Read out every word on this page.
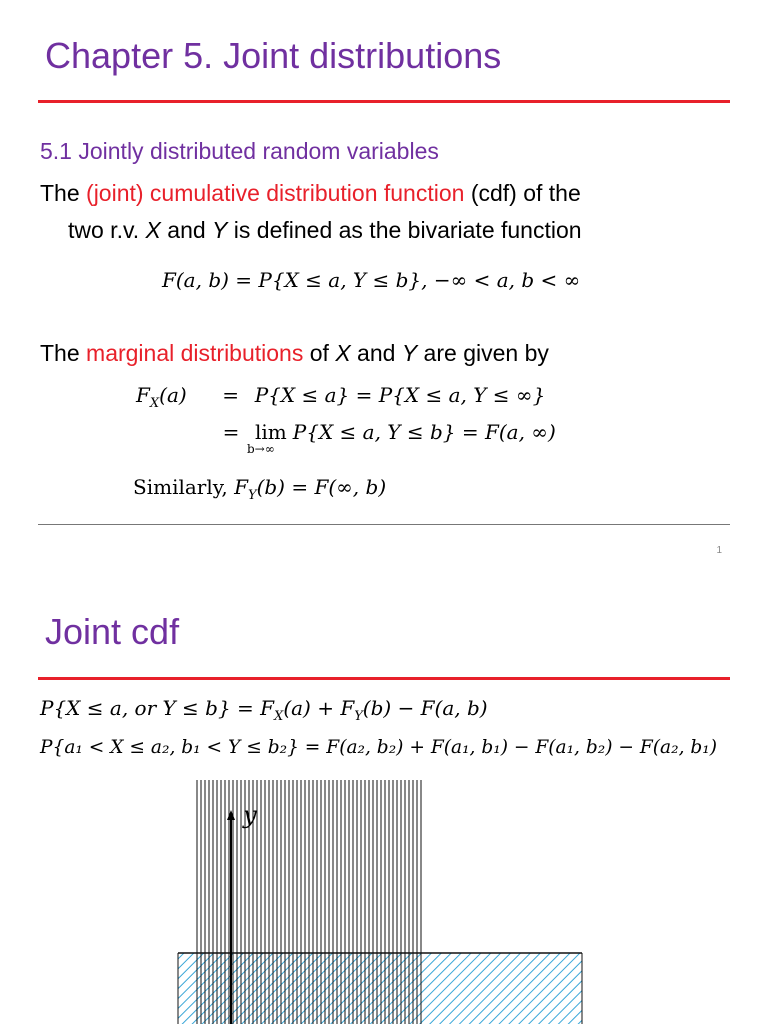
Chapter 5. Joint distributions
5.1 Jointly distributed random variables
The (joint) cumulative distribution function (cdf) of the
two r.v. X and Y is defined as the bivariate function
F(a, b) = P{X ≤ a, Y ≤ b}, −∞ < a, b < ∞
The marginal distributions of X and Y are given by
$F_X(a) = P\{X \le a\} = P\{X \le a$, Y ≤ ∞}
= lim
b→∞
P{X ≤ a, Y ≤ b} = F(a, ∞)
Similarly, $F_Y(b) = F(\infty$, b)
1
Joint cdf
P{X ≤ a, or $Y \le b\} = F_X(a) + F_Y(b) - F(a$, b)
P{a₁ < X ≤ a₂, b₁ < Y ≤ b₂} = F(a₂, b₂) + F(a₁, b₁) − F(a₁, b₂) − F(a₂, b₁)
y
